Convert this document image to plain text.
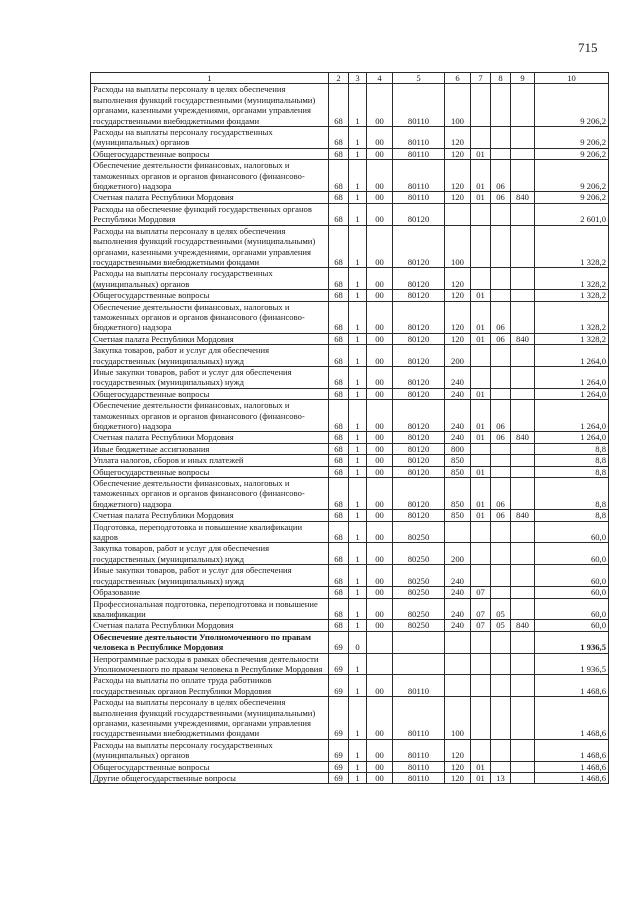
715
1	2	3	4	5	6	7	8	9	10
Расходы на выплаты персоналу в целях обеспечения выполнения функций государственными (муниципальными) органами, казенными учреждениями, органами управления государственными внебюджетными фондами	68	1	00	80110	100				9 206,2
Расходы на выплаты персоналу государственных (муниципальных) органов	68	1	00	80110	120				9 206,2
Общегосударственные вопросы	68	1	00	80110	120	01			9 206,2
Обеспечение деятельности финансовых, налоговых и таможенных органов и органов финансового (финансово-бюджетного) надзора	68	1	00	80110	120	01	06		9 206,2
Счетная палата Республики Мордовия	68	1	00	80110	120	01	06	840	9 206,2
Расходы на обеспечение функций государственных органов Республики Мордовия	68	1	00	80120					2 601,0
Расходы на выплаты персоналу в целях обеспечения выполнения функций государственными (муниципальными) органами, казенными учреждениями, органами управления государственными внебюджетными фондами	68	1	00	80120	100				1 328,2
Расходы на выплаты персоналу государственных (муниципальных) органов	68	1	00	80120	120				1 328,2
Общегосударственные вопросы	68	1	00	80120	120	01			1 328,2
Обеспечение деятельности финансовых, налоговых и таможенных органов и органов финансового (финансово-бюджетного) надзора	68	1	00	80120	120	01	06		1 328,2
Счетная палата Республики Мордовия	68	1	00	80120	120	01	06	840	1 328,2
Закупка товаров, работ и услуг для обеспечения государственных (муниципальных) нужд	68	1	00	80120	200				1 264,0
Иные закупки товаров, работ и услуг для обеспечения государственных (муниципальных) нужд	68	1	00	80120	240				1 264,0
Общегосударственные вопросы	68	1	00	80120	240	01			1 264,0
Обеспечение деятельности финансовых, налоговых и таможенных органов и органов финансового (финансово-бюджетного) надзора	68	1	00	80120	240	01	06		1 264,0
Счетная палата Республики Мордовия	68	1	00	80120	240	01	06	840	1 264,0
Иные бюджетные ассигнования	68	1	00	80120	800				8,8
Уплата налогов, сборов и иных платежей	68	1	00	80120	850				8,8
Общегосударственные вопросы	68	1	00	80120	850	01			8,8
Обеспечение деятельности финансовых, налоговых и таможенных органов и органов финансового (финансово-бюджетного) надзора	68	1	00	80120	850	01	06		8,8
Счетная палата Республики Мордовия	68	1	00	80120	850	01	06	840	8,8
Подготовка, переподготовка и повышение квалификации кадров	68	1	00	80250					60,0
Закупка товаров, работ и услуг для обеспечения государственных (муниципальных) нужд	68	1	00	80250	200				60,0
Иные закупки товаров, работ и услуг для обеспечения государственных (муниципальных) нужд	68	1	00	80250	240				60,0
Образование	68	1	00	80250	240	07			60,0
Профессиональная подготовка, переподготовка и повышение квалификации	68	1	00	80250	240	07	05		60,0
Счетная палата Республики Мордовия	68	1	00	80250	240	07	05	840	60,0
Обеспечение деятельности Уполномоченного по правам человека в Республике Мордовия	69	0							1 936,5
Непрограммные расходы в рамках обеспечения деятельности Уполномоченного по правам человека в Республике Мордовия	69	1							1 936,5
Расходы на выплаты по оплате труда работников государственных органов Республики Мордовия	69	1	00	80110					1 468,6
Расходы на выплаты персоналу в целях обеспечения выполнения функций государственными (муниципальными) органами, казенными учреждениями, органами управления государственными внебюджетными фондами	69	1	00	80110	100				1 468,6
Расходы на выплаты персоналу государственных (муниципальных) органов	69	1	00	80110	120				1 468,6
Общегосударственные вопросы	69	1	00	80110	120	01			1 468,6
Другие общегосударственные вопросы	69	1	00	80110	120	01	13		1 468,6
